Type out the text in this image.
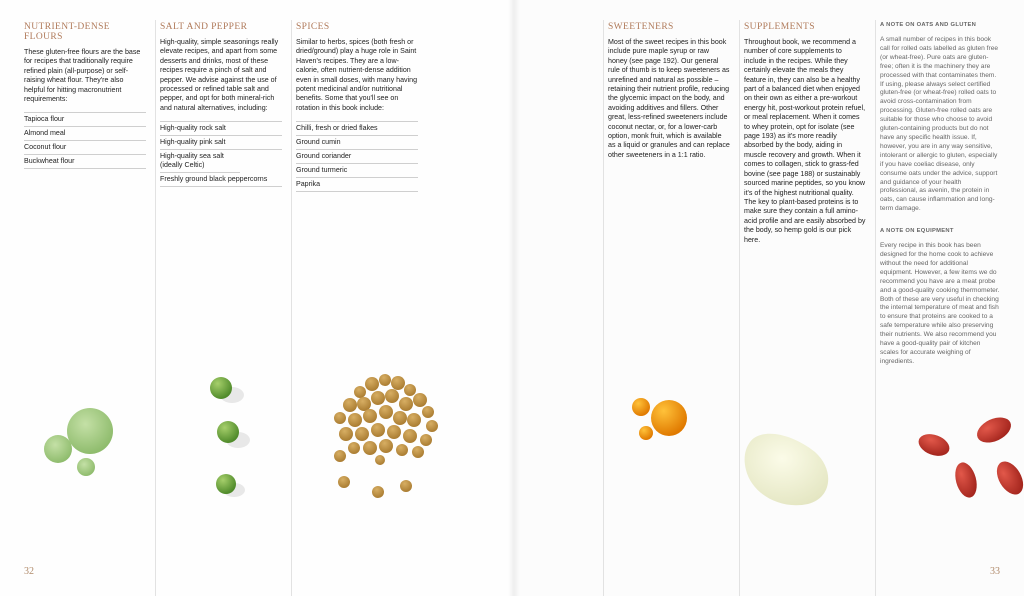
NUTRIENT-DENSE FLOURS

These gluten-free flours are the base for recipes that traditionally require refined plain (all-purpose) or self-raising wheat flour. They're also helpful for hitting macronutrient requirements:

Tapioca flour
Almond meal
Coconut flour
Buckwheat flour
SALT AND PEPPER

High-quality, simple seasonings really elevate recipes, and apart from some desserts and drinks, most of these recipes require a pinch of salt and pepper. We advise against the use of processed or refined table salt and pepper, and opt for both mineral-rich and natural alternatives, including:

High-quality rock salt
High-quality pink salt
High-quality sea salt (ideally Celtic)
Freshly ground black peppercorns
SPICES

Similar to herbs, spices (both fresh or dried/ground) play a huge role in Saint Haven's recipes. They are a low-calorie, often nutrient-dense addition even in small doses, with many having potent medicinal and/or nutritional benefits. Some that you'll see on rotation in this book include:

Chilli, fresh or dried flakes
Ground cumin
Ground coriander
Ground turmeric
Paprika
32
SWEETENERS

Most of the sweet recipes in this book include pure maple syrup or raw honey (see page 192). Our general rule of thumb is to keep sweeteners as unrefined and natural as possible – retaining their nutrient profile, reducing the glycemic impact on the body, and avoiding additives and fillers. Other great, less-refined sweeteners include coconut nectar, or, for a lower-carb option, monk fruit, which is available as a liquid or granules and can replace other sweeteners in a 1:1 ratio.

SUPPLEMENTS

Throughout book, we recommend a number of core supplements to include in the recipes. While they certainly elevate the meals they feature in, they can also be a healthy part of a balanced diet when enjoyed on their own as either a pre-workout energy hit, post-workout protein refuel, or meal replacement. When it comes to whey protein, opt for isolate (see page 193) as it's more readily absorbed by the body, aiding in muscle recovery and growth. When it comes to collagen, stick to grass-fed bovine (see page 188) or sustainably sourced marine peptides, so you know it's of the highest nutritional quality. The key to plant-based proteins is to make sure they contain a full amino-acid profile and are easily absorbed by the body, so hemp gold is our pick here.

A NOTE ON OATS AND GLUTEN

A small number of recipes in this book call for rolled oats labelled as gluten free (or wheat-free). Pure oats are gluten-free; often it is the machinery they are processed with that contaminates them. If using, please always select certified gluten-free (or wheat-free) rolled oats to avoid cross-contamination from processing. Gluten-free rolled oats are suitable for those who choose to avoid gluten-containing products but do not have any specific health issue. If, however, you are in any way sensitive, intolerant or allergic to gluten, especially if you have coeliac disease, only consume oats under the advice, support and guidance of your health professional, as avenin, the protein in oats, can cause inflammation and long-term damage.

A NOTE ON EQUIPMENT

Every recipe in this book has been designed for the home cook to achieve without the need for additional equipment. However, a few items we do recommend you have are a meat probe and a good-quality cooking thermometer. Both of these are very useful in checking the internal temperature of meat and fish to ensure that proteins are cooked to a safe temperature while also preserving their nutrients. We also recommend you have a good-quality pair of kitchen scales for accurate weighing of ingredients.

33
